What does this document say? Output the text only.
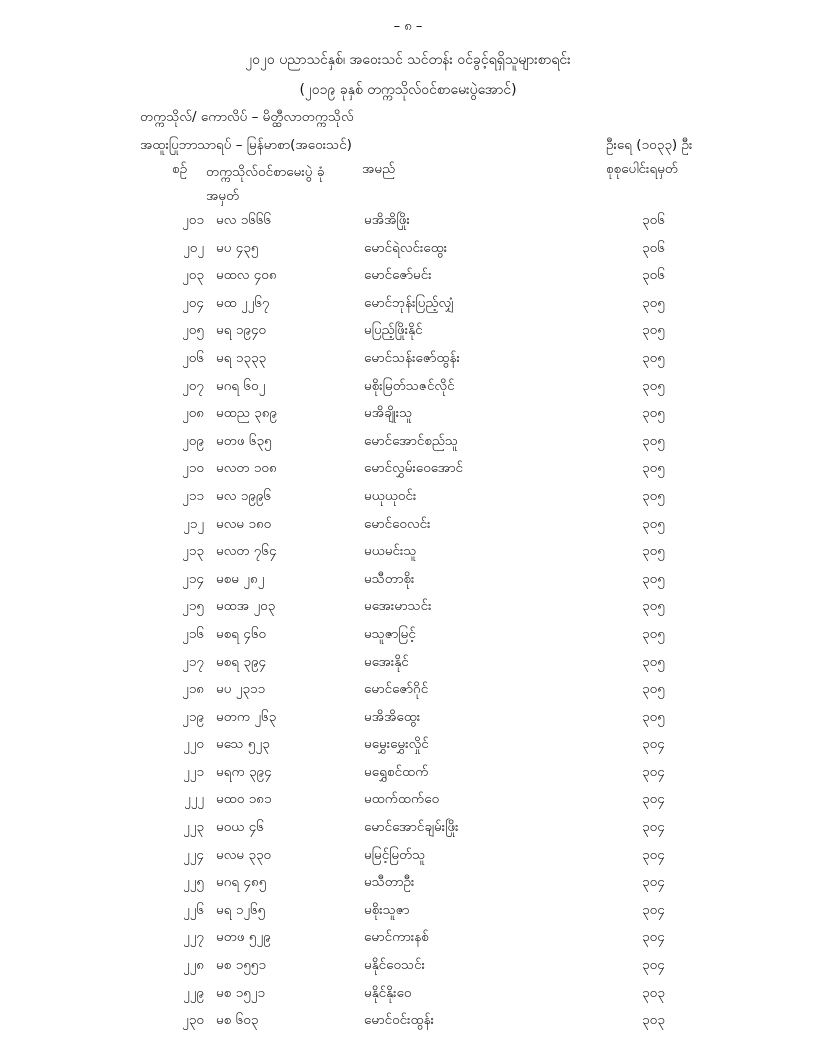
– ၈ –
၂၀၂၀ ပညာသင်နှစ်၊ အဝေးသင် သင်တန်း ဝင်ခွင့်ရရှိသူများစာရင်း
(၂၀၁၉ ခုနှစ် တက္ကသိုလ်ဝင်စာမေးပွဲအောင်)
တက္ကသိုလ်/ ကောလိပ် – မိတ္ထီလာတက္ကသိုလ်
အထူးပြုဘာသာရပ် – မြန်မာစာ(အဝေးသင်)	ဦးရေ (၁၀၃၃) ဦး
စဉ် တက္ကသိုလ်ဝင်စာမေးပွဲ ခုံအမှတ်
အမည်	စုစုပေါင်းရမှတ်
၂၀၁ မလ ၁၆၆၆	မအိအိဖြိုး	၃၀၆
၂၀၂ မပ ၄၃၅	မောင်ရဲလင်းထွေး	၃၀၆
၂၀၃ မထလ ၄၀၈	မောင်ဇော်မင်း	၃၀၆
၂၀၄ မထ ၂၂၆၇	မောင်ဘုန်းပြည့်လျှံ	၃၀၅
၂၀၅ မရ ၁၉၄၀	မပြည့်ဖြိုးနိုင်	၃၀၅
၂၀၆ မရ ၁၃၃၃	မောင်သန်းဇော်ထွန်း	၃၀၅
၂၀၇ မဂရ ၆၀၂	မစိုးမြတ်သဇင်လိုင်	၃၀၅
၂၀၈ မထည ၃၈၉	မအိချိုးသူ	၃၀၅
၂၀၉ မတဖ ၆၃၅	မောင်အောင်စည်သူ	၃၀၅
၂၁၀ မလတ ၁၀၈	မောင်လွှမ်းဝေအောင်	၃၀၅
၂၁၁ မလ ၁၉၉၆	မယုယုဝင်း	၃၀၅
၂၁၂ မလမ ၁၈၀	မောင်ဝေလင်း	၃၀၅
၂၁၃ မလတ ၇၆၄	မယမင်းသူ	၃၀၅
၂၁၄ မစမ ၂၈၂	မသီတာစိုး	၃၀၅
၂၁၅ မထအ ၂၀၃	မအေးမာသင်း	၃၀၅
၂၁၆ မစရ ၄၆၀	မသူဇာမြင့်	၃၀၅
၂၁၇ မစရ ၃၉၄	မအေးနိုင်	၃၀၅
၂၁၈ မပ ၂၃၁၁	မောင်ဇော်ဂိုင်	၃၀၅
၂၁၉ မတက ၂၆၃	မအိအိထွေး	၃၀၅
၂၂၀ မသေ ၅၂၃	မမွှေးမွှေးလှိုင်	၃၀၄
၂၂၁ မရက ၃၉၄	မရွှေစင်ထက်	၃၀၄
၂၂၂ မထဝ ၁၈၁	မထက်ထက်ဝေ	၃၀၄
၂၂၃ မဝယ ၄၆	မောင်အောင်ချမ်းဖြိုး	၃၀၄
၂၂၄ မလမ ၃၃၀	မမြင့်မြတ်သူ	၃၀၄
၂၂၅ မဂရ ၄၈၅	မသီတာဦး	၃၀၄
၂၂၆ မရ ၁၂၆၅	မစိုးသူဇာ	၃၀၄
၂၂၇ မတဖ ၅၂၉	မောင်ကားနစ်	၃၀၄
၂၂၈ မစ ၁၅၅၁	မနိုင်ဝေသင်း	၃၀၄
၂၂၉ မစ ၁၅၂၁	မနိုင်နိုးဝေ	၃၀၃
၂၃၀ မစ ၆၀၃	မောင်ဝင်းထွန်း	၃၀၃
